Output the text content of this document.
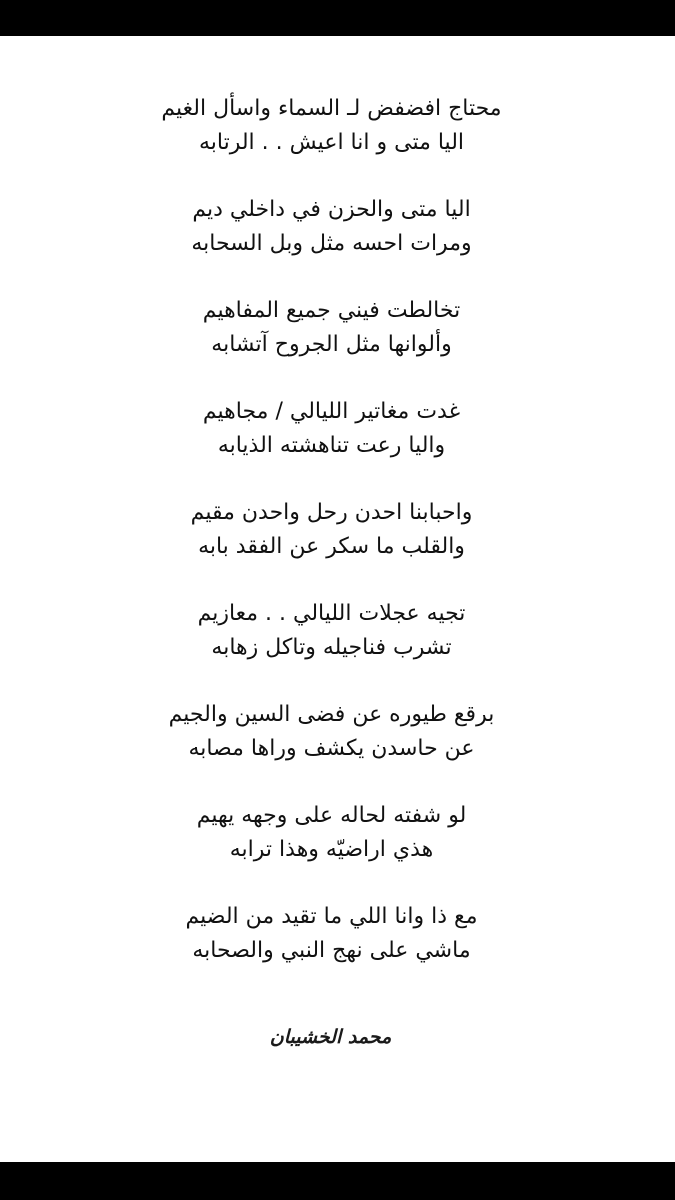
محتاج افضفض لـ السماء واسأل الغيم
اليا متى و انا اعيش . . الرتابه
اليا متى والحزن في داخلي ديم
ومرات احسه مثل وبل السحابه
تخالطت فيني جميع المفاهيم
وألوانها مثل الجروح آتشابه
غدت مغاتير الليالي / مجاهيم
واليا رعت تناهشته الذيابه
واحبابنا احدن رحل واحدن مقيم
والقلب ما سكر عن الفقد بابه
تجيه عجلات الليالي . . معازيم
تشرب فناجيله وتاكل زهابه
برقع طيوره عن فضى السين والجيم
عن حاسدن يكشف وراها مصابه
لو شفته لحاله على وجهه يهيم
هذي اراضيّه وهذا ترابه
مع ذا وانا اللي ما تقيد من الضيم
ماشي على نهج النبي والصحابه
محمد الخشيبان
